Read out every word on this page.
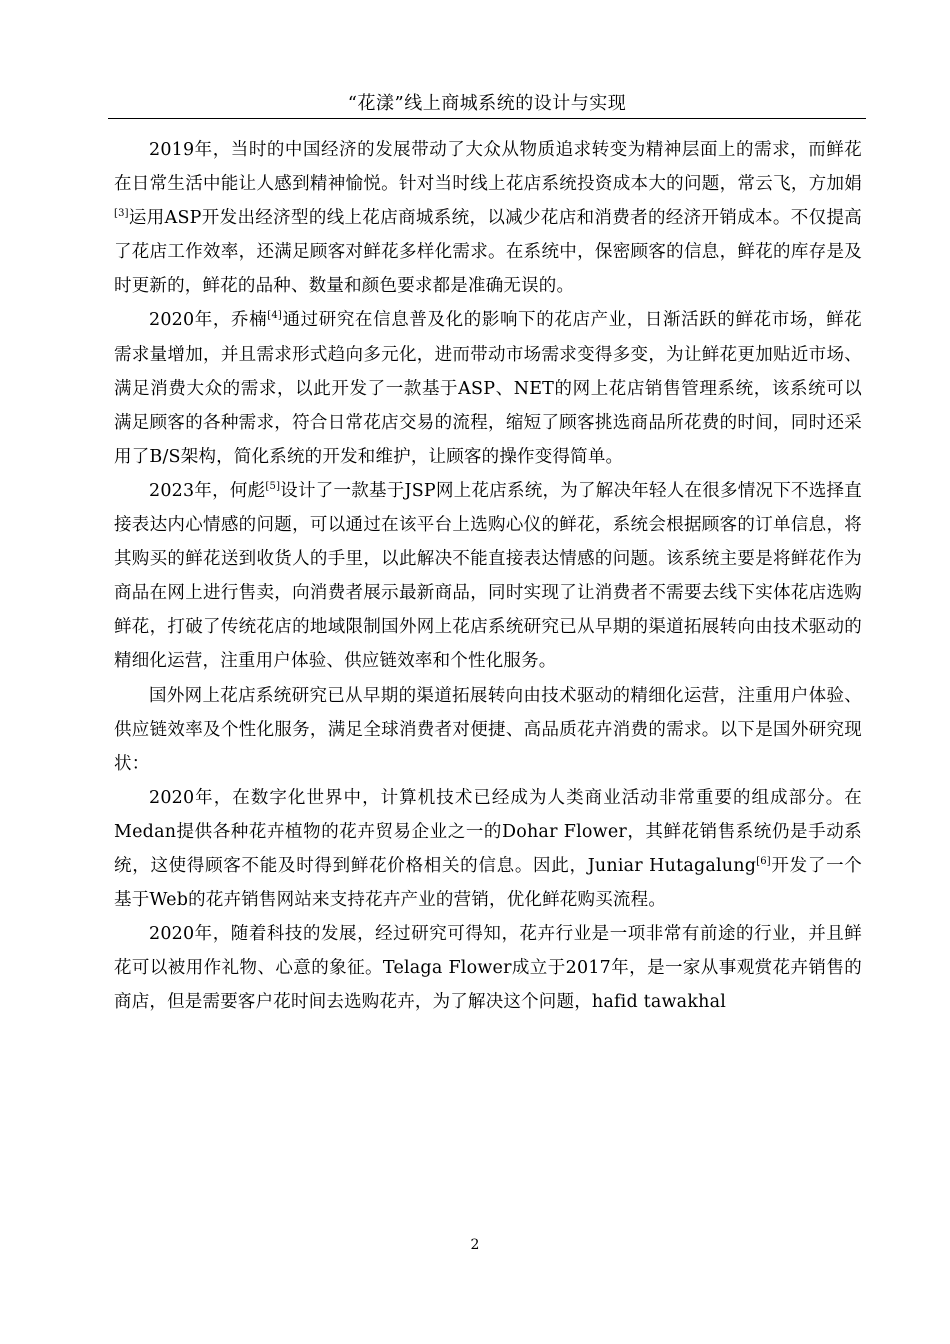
“花漾”线上商城系统的设计与实现

2019年，当时的中国经济的发展带动了大众从物质追求转变为精神层面上的需求，而鲜花在日常生活中能让人感到精神愉悦。针对当时线上花店系统投资成本大的问题，常云飞，方加娟[3]运用ASP开发出经济型的线上花店商城系统，以减少花店和消费者的经济开销成本。不仅提高了花店工作效率，还满足顾客对鲜花多样化需求。在系统中，保密顾客的信息，鲜花的库存是及时更新的，鲜花的品种、数量和颜色要求都是准确无误的。

2020年，乔楠[4]通过研究在信息普及化的影响下的花店产业，日渐活跃的鲜花市场，鲜花需求量增加，并且需求形式趋向多元化，进而带动市场需求变得多变，为让鲜花更加贴近市场、满足消费大众的需求，以此开发了一款基于ASP、NET的网上花店销售管理系统，该系统可以满足顾客的各种需求，符合日常花店交易的流程，缩短了顾客挑选商品所花费的时间，同时还采用了B/S架构，简化系统的开发和维护，让顾客的操作变得简单。

2023年，何彪[5]设计了一款基于JSP网上花店系统，为了解决年轻人在很多情况下不选择直接表达内心情感的问题，可以通过在该平台上选购心仪的鲜花，系统会根据顾客的订单信息，将其购买的鲜花送到收货人的手里，以此解决不能直接表达情感的问题。该系统主要是将鲜花作为商品在网上进行售卖，向消费者展示最新商品，同时实现了让消费者不需要去线下实体花店选购鲜花，打破了传统花店的地域限制国外网上花店系统研究已从早期的渠道拓展转向由技术驱动的精细化运营，注重用户体验、供应链效率和个性化服务。

国外网上花店系统研究已从早期的渠道拓展转向由技术驱动的精细化运营，注重用户体验、供应链效率及个性化服务，满足全球消费者对便捷、高品质花卉消费的需求。以下是国外研究现状：

2020年，在数字化世界中，计算机技术已经成为人类商业活动非常重要的组成部分。在Medan提供各种花卉植物的花卉贸易企业之一的Dohar Flower，其鲜花销售系统仍是手动系统，这使得顾客不能及时得到鲜花价格相关的信息。因此，Juniar Hutagalung[6]开发了一个基于Web的花卉销售网站来支持花卉产业的营销，优化鲜花购买流程。

2020年，随着科技的发展，经过研究可得知，花卉行业是一项非常有前途的行业，并且鲜花可以被用作礼物、心意的象征。Telaga Flower成立于2017年，是一家从事观赏花卉销售的商店，但是需要客户花时间去选购花卉，为了解决这个问题，hafid tawakhal

2
